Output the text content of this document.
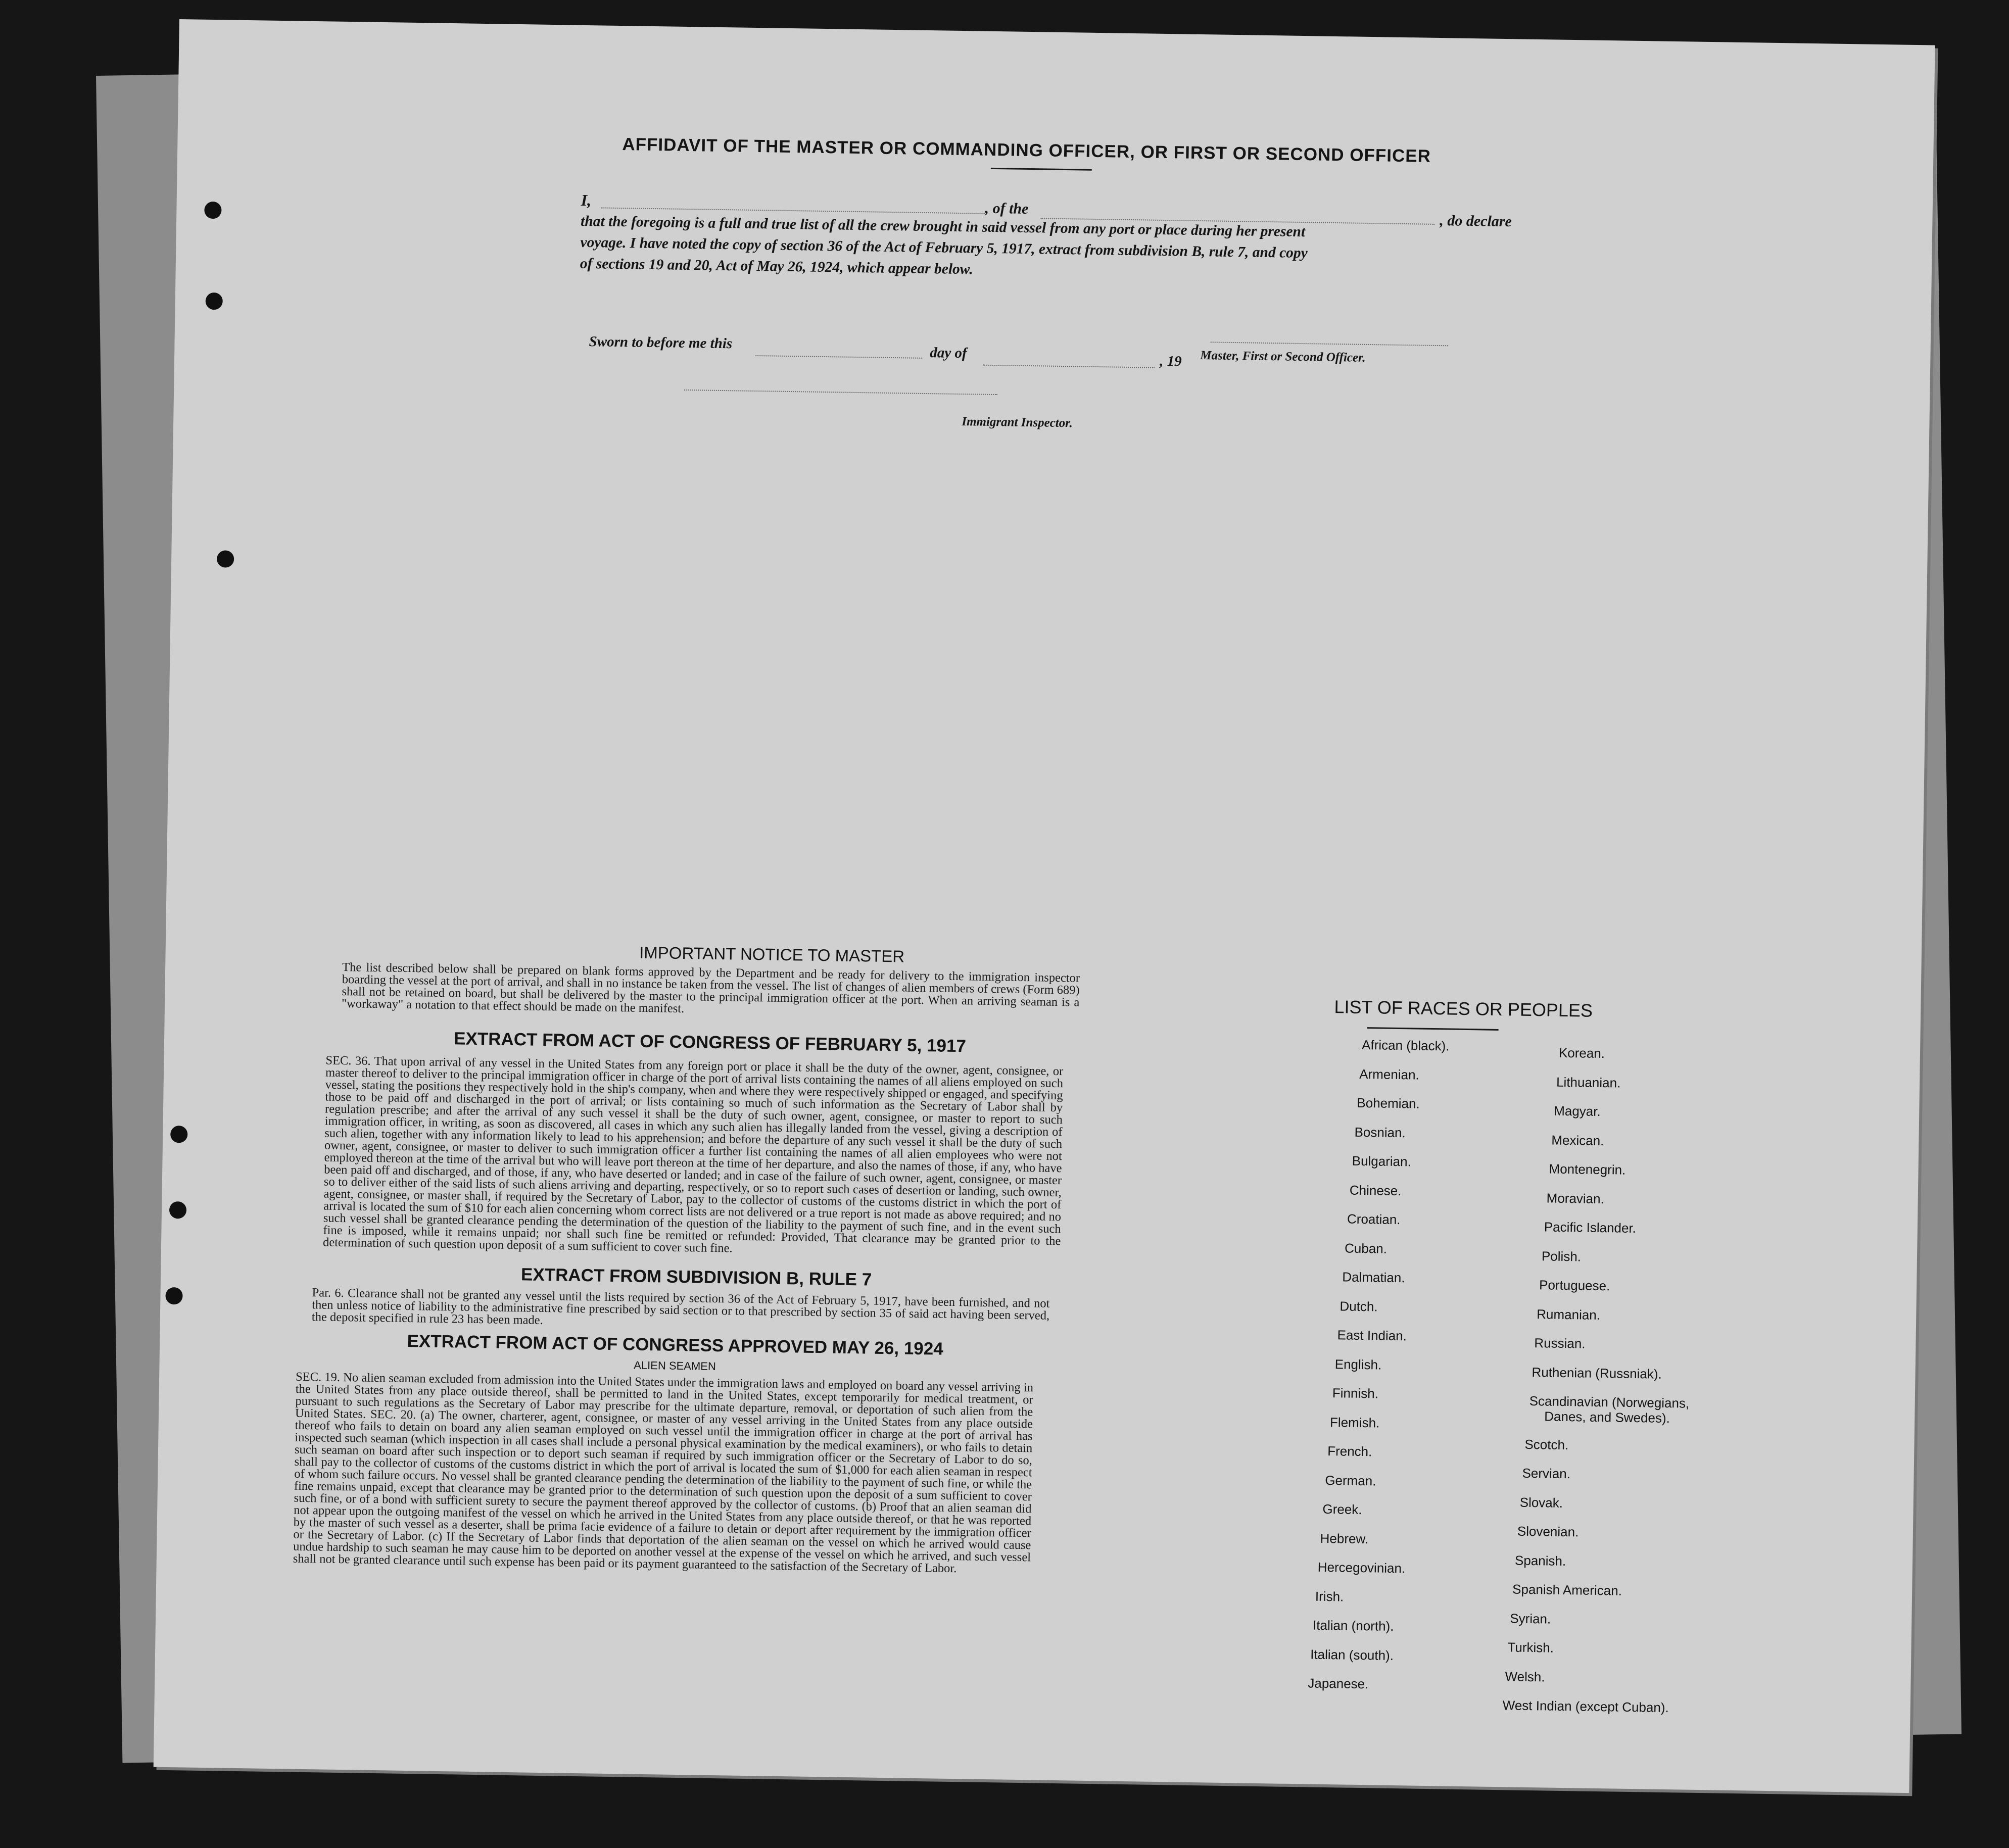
AFFIDAVIT OF THE MASTER OR COMMANDING OFFICER, OR FIRST OR SECOND OFFICER
I,	, of the
, do declare
that the foregoing is a full and true list of all the crew brought in said vessel from any port or place during her present
voyage. I have noted the copy of section 36 of the Act of February 5, 1917, extract from subdivision B, rule 7, and copy
of sections 19 and 20, Act of May 26, 1924, which appear below.
Sworn to before me this
day of	, 19 Master, First or Second Officer.
Immigrant Inspector.
IMPORTANT NOTICE TO MASTER
The list described below shall be prepared on blank forms approved by the Department and be ready for delivery to the immigration inspector boarding the vessel at the port of arrival, and shall in no instance be taken from the vessel. The list of changes of alien members of crews (Form 689) shall not be retained on board, but shall be delivered by the master to the principal immigration officer at the port. When an arriving seaman is a "workaway" a notation to that effect should be made on the manifest.
EXTRACT FROM ACT OF CONGRESS OF FEBRUARY 5, 1917
SEC. 36. That upon arrival of any vessel in the United States from any foreign port or place it shall be the duty of the owner, agent, consignee, or master thereof to deliver to the principal immigration officer in charge of the port of arrival lists containing the names of all aliens employed on such vessel, stating the positions they respectively hold in the ship's company, when and where they were respectively shipped or engaged, and specifying those to be paid off and discharged in the port of arrival; or lists containing so much of such information as the Secretary of Labor shall by regulation prescribe; and after the arrival of any such vessel it shall be the duty of such owner, agent, consignee, or master to report to such immigration officer, in writing, as soon as discovered, all cases in which any such alien has illegally landed from the vessel, giving a description of such alien, together with any information likely to lead to his apprehension; and before the departure of any such vessel it shall be the duty of such owner, agent, consignee, or master to deliver to such immigration officer a further list containing the names of all alien employees who were not employed thereon at the time of the arrival but who will leave port thereon at the time of her departure, and also the names of those, if any, who have been paid off and discharged, and of those, if any, who have deserted or landed; and in case of the failure of such owner, agent, consignee, or master so to deliver either of the said lists of such aliens arriving and departing, respectively, or so to report such cases of desertion or landing, such owner, agent, consignee, or master shall, if required by the Secretary of Labor, pay to the collector of customs of the customs district in which the port of arrival is located the sum of $10 for each alien concerning whom correct lists are not delivered or a true report is not made as above required; and no such vessel shall be granted clearance pending the determination of the question of the liability to the payment of such fine, and in the event such fine is imposed, while it remains unpaid; nor shall such fine be remitted or refunded: Provided, That clearance may be granted prior to the determination of such question upon deposit of a sum sufficient to cover such fine.
EXTRACT FROM SUBDIVISION B, RULE 7
Par. 6. Clearance shall not be granted any vessel until the lists required by section 36 of the Act of February 5, 1917, have been furnished, and not then unless notice of liability to the administrative fine prescribed by said section or to that prescribed by section 35 of said act having been served, the deposit specified in rule 23 has been made.
EXTRACT FROM ACT OF CONGRESS APPROVED MAY 26, 1924
ALIEN SEAMEN
SEC. 19. No alien seaman excluded from admission into the United States under the immigration laws and employed on board any vessel arriving in the United States from any place outside thereof, shall be permitted to land in the United States, except temporarily for medical treatment, or pursuant to such regulations as the Secretary of Labor may prescribe for the ultimate departure, removal, or deportation of such alien from the United States. SEC. 20. (a) The owner, charterer, agent, consignee, or master of any vessel arriving in the United States from any place outside thereof who fails to detain on board any alien seaman employed on such vessel until the immigration officer in charge at the port of arrival has inspected such seaman (which inspection in all cases shall include a personal physical examination by the medical examiners), or who fails to detain such seaman on board after such inspection or to deport such seaman if required by such immigration officer or the Secretary of Labor to do so, shall pay to the collector of customs of the customs district in which the port of arrival is located the sum of $1,000 for each alien seaman in respect of whom such failure occurs. No vessel shall be granted clearance pending the determination of the liability to the payment of such fine, or while the fine remains unpaid, except that clearance may be granted prior to the determination of such question upon the deposit of a sum sufficient to cover such fine, or of a bond with sufficient surety to secure the payment thereof approved by the collector of customs. (b) Proof that an alien seaman did not appear upon the outgoing manifest of the vessel on which he arrived in the United States from any place outside thereof, or that he was reported by the master of such vessel as a deserter, shall be prima facie evidence of a failure to detain or deport after requirement by the immigration officer or the Secretary of Labor. (c) If the Secretary of Labor finds that deportation of the alien seaman on the vessel on which he arrived would cause undue hardship to such seaman he may cause him to be deported on another vessel at the expense of the vessel on which he arrived, and such vessel shall not be granted clearance until such expense has been paid or its payment guaranteed to the satisfaction of the Secretary of Labor.
LIST OF RACES OR PEOPLES
African (black).
Armenian.
Bohemian.
Bosnian.
Bulgarian.
Chinese.
Croatian.
Cuban.
Dalmatian.
Dutch.
East Indian.
English.
Finnish.
Flemish.
French.
German.
Greek.
Hebrew.
Hercegovinian.
Irish.
Italian (north).
Italian (south).
Japanese.
Korean.
Lithuanian.
Magyar.
Mexican.
Montenegrin.
Moravian.
Pacific Islander.
Polish.
Portuguese.
Rumanian.
Russian.
Ruthenian (Russniak).
Scandinavian (Norwegians,
Danes, and Swedes).
Scotch.
Servian.
Slovak.
Slovenian.
Spanish.
Spanish American.
Syrian.
Turkish.
Welsh.
West Indian (except Cuban).
